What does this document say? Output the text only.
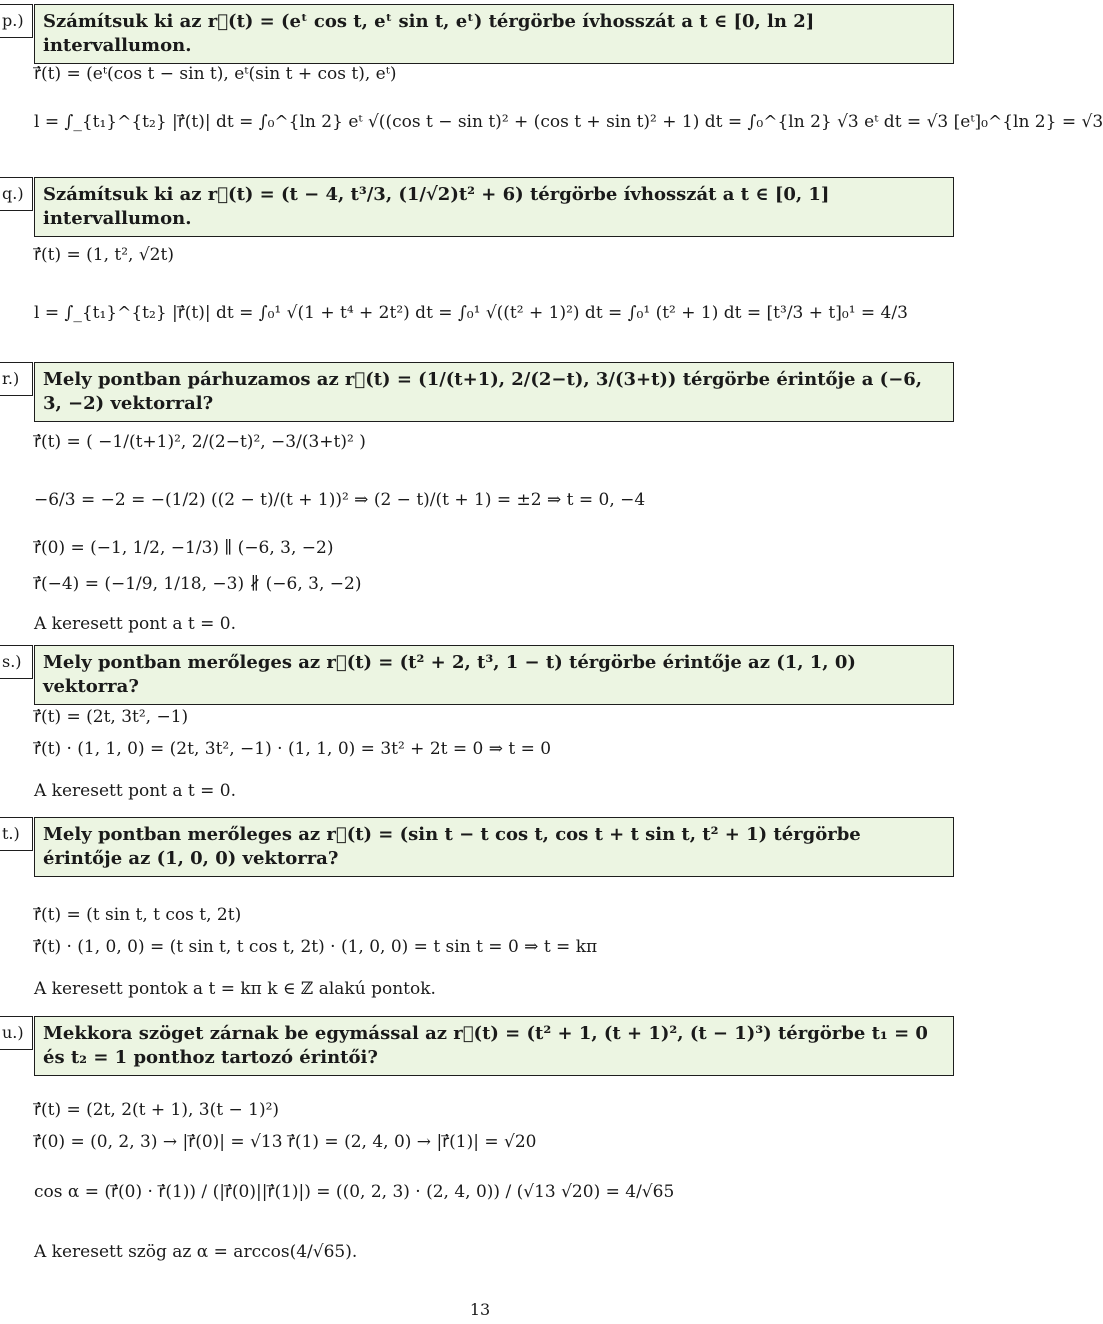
p.)	Számítsuk ki az r⃗(t) = (eᵗ cos t, eᵗ sin t, eᵗ) térgörbe ívhosszát a t ∈ [0, ln 2] intervallumon.
ṙ⃗(t) = (eᵗ(cos t − sin t), eᵗ(sin t + cos t), eᵗ)
l = ∫_{t₁}^{t₂} |ṙ⃗(t)| dt = ∫₀^{ln 2} eᵗ √((cos t − sin t)² + (cos t + sin t)² + 1) dt = ∫₀^{ln 2} √3 eᵗ dt = √3 [eᵗ]₀^{ln 2} = √3
q.)	Számítsuk ki az r⃗(t) = (t − 4, t³/3, (1/√2)t² + 6) térgörbe ívhosszát a t ∈ [0, 1] intervallumon.
ṙ⃗(t) = (1, t², √2t)
l = ∫_{t₁}^{t₂} |ṙ⃗(t)| dt = ∫₀¹ √(1 + t⁴ + 2t²) dt = ∫₀¹ √((t² + 1)²) dt = ∫₀¹ (t² + 1) dt = [t³/3 + t]₀¹ = 4/3
r.)	Mely pontban párhuzamos az r⃗(t) = (1/(t+1), 2/(2−t), 3/(3+t)) térgörbe érintője a (−6, 3, −2) vektorral?
ṙ⃗(t) = ( −1/(t+1)², 2/(2−t)², −3/(3+t)² )
−6/3 = −2 = −(1/2) ((2 − t)/(t + 1))² ⇒ (2 − t)/(t + 1) = ±2 ⇒ t = 0, −4
ṙ⃗(0) = (−1, 1/2, −1/3) ∥ (−6, 3, −2)
ṙ⃗(−4) = (−1/9, 1/18, −3) ∦ (−6, 3, −2)
A keresett pont a t = 0.
s.)	Mely pontban merőleges az r⃗(t) = (t² + 2, t³, 1 − t) térgörbe érintője az (1, 1, 0) vektorra?
ṙ⃗(t) = (2t, 3t², −1)
ṙ⃗(t) · (1, 1, 0) = (2t, 3t², −1) · (1, 1, 0) = 3t² + 2t = 0 ⇒ t = 0
A keresett pont a t = 0.
t.)	Mely pontban merőleges az r⃗(t) = (sin t − t cos t, cos t + t sin t, t² + 1) térgörbe érintője az (1, 0, 0) vektorra?
ṙ⃗(t) = (t sin t, t cos t, 2t)
ṙ⃗(t) · (1, 0, 0) = (t sin t, t cos t, 2t) · (1, 0, 0) = t sin t = 0 ⇒ t = kπ
A keresett pontok a t = kπ k ∈ ℤ alakú pontok.
u.)	Mekkora szöget zárnak be egymással az r⃗(t) = (t² + 1, (t + 1)², (t − 1)³) térgörbe t₁ = 0 és t₂ = 1 ponthoz tartozó érintői?
ṙ⃗(t) = (2t, 2(t + 1), 3(t − 1)²)
ṙ⃗(0) = (0, 2, 3) → |ṙ⃗(0)| = √13 ṙ⃗(1) = (2, 4, 0) → |ṙ⃗(1)| = √20
cos α = (ṙ⃗(0) · ṙ⃗(1)) / (|ṙ⃗(0)||ṙ⃗(1)|) = ((0, 2, 3) · (2, 4, 0)) / (√13 √20) = 4/√65
A keresett szög az α = arccos(4/√65).
13
